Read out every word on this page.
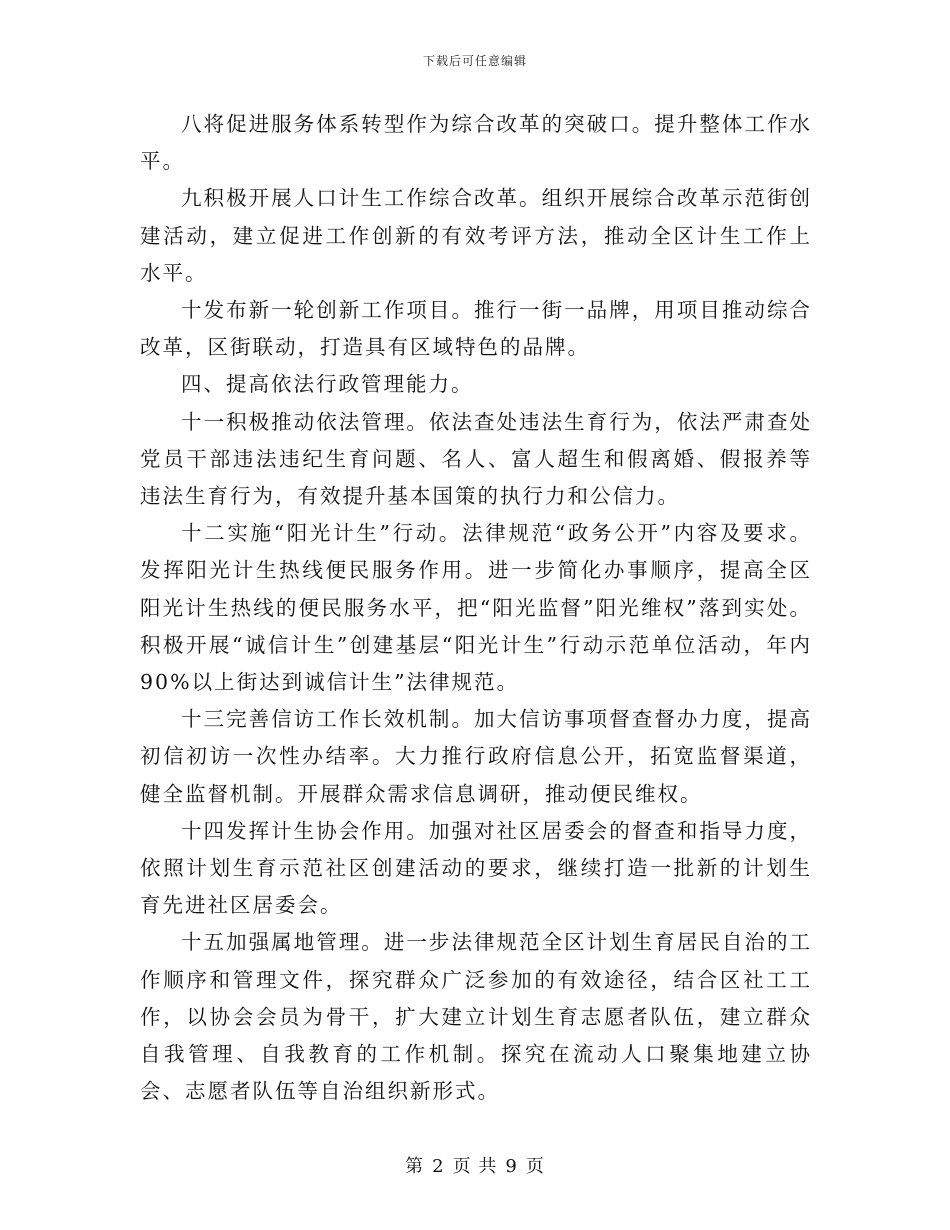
下载后可任意编辑

八将促进服务体系转型作为综合改革的突破口。提升整体工作水平。

九积极开展人口计生工作综合改革。组织开展综合改革示范街创建活动，建立促进工作创新的有效考评方法，推动全区计生工作上水平。

十发布新一轮创新工作项目。推行一街一品牌，用项目推动综合改革，区街联动，打造具有区域特色的品牌。

四、提高依法行政管理能力。

十一积极推动依法管理。依法查处违法生育行为，依法严肃查处党员干部违法违纪生育问题、名人、富人超生和假离婚、假报养等违法生育行为，有效提升基本国策的执行力和公信力。

十二实施“阳光计生”行动。法律规范“政务公开”内容及要求。发挥阳光计生热线便民服务作用。进一步简化办事顺序，提高全区阳光计生热线的便民服务水平，把“阳光监督”阳光维权”落到实处。积极开展“诚信计生”创建基层“阳光计生”行动示范单位活动，年内90%以上街达到诚信计生”法律规范。

十三完善信访工作长效机制。加大信访事项督查督办力度，提高初信初访一次性办结率。大力推行政府信息公开，拓宽监督渠道，健全监督机制。开展群众需求信息调研，推动便民维权。

十四发挥计生协会作用。加强对社区居委会的督查和指导力度，依照计划生育示范社区创建活动的要求，继续打造一批新的计划生育先进社区居委会。

十五加强属地管理。进一步法律规范全区计划生育居民自治的工作顺序和管理文件，探究群众广泛参加的有效途径，结合区社工工作，以协会会员为骨干，扩大建立计划生育志愿者队伍，建立群众自我管理、自我教育的工作机制。探究在流动人口聚集地建立协会、志愿者队伍等自治组织新形式。

第 2 页 共 9 页
